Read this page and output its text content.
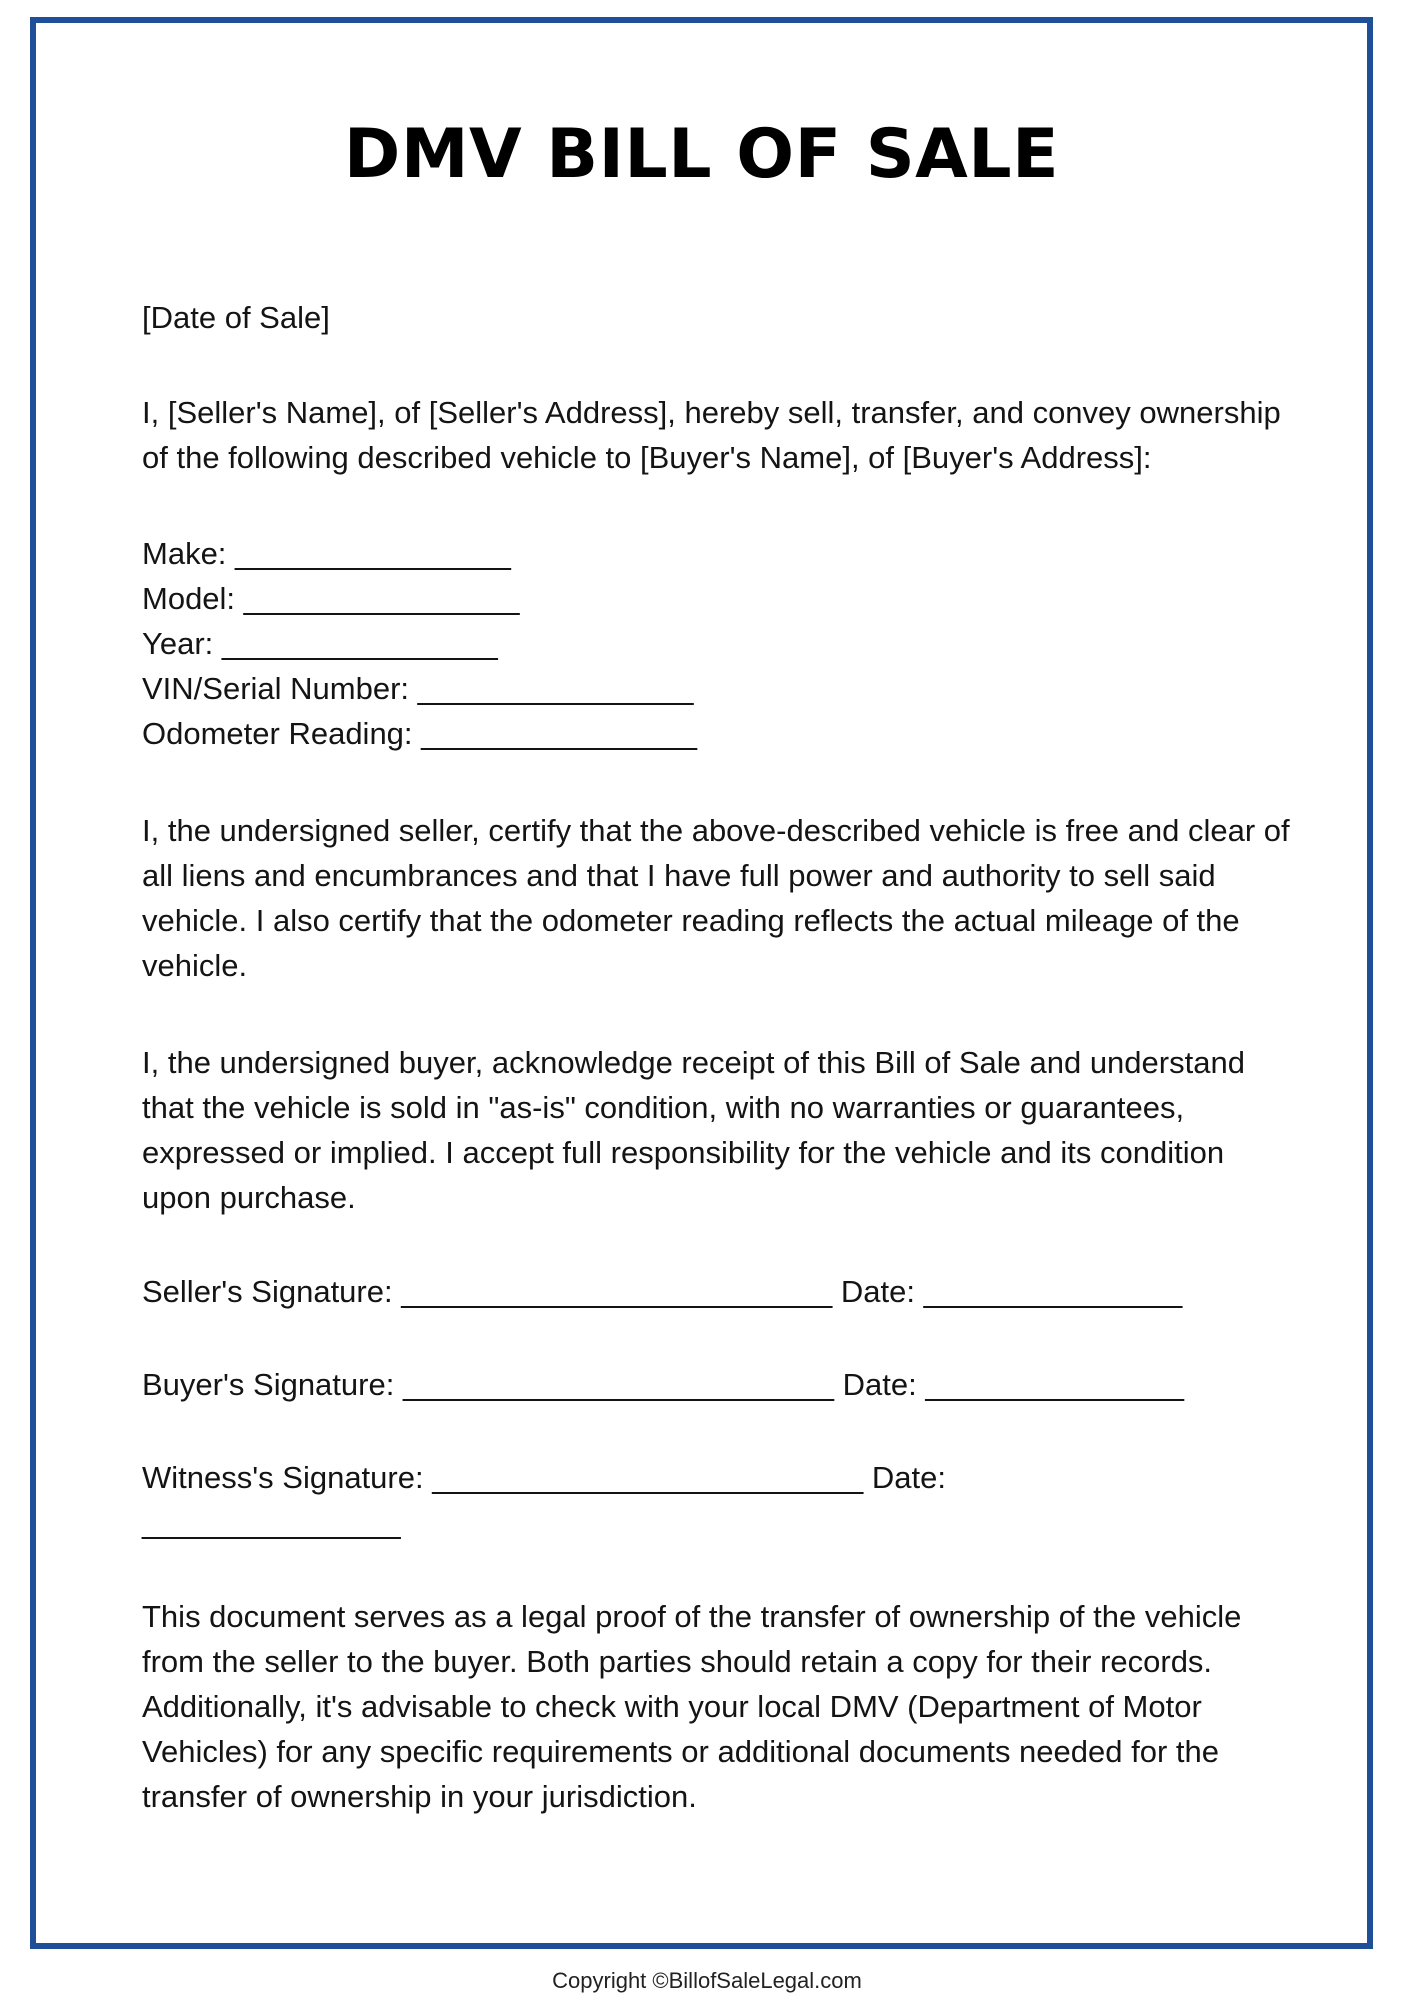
DMV BILL OF SALE

[Date of Sale]

I, [Seller's Name], of [Seller's Address], hereby sell, transfer, and convey ownership of the following described vehicle to [Buyer's Name], of [Buyer's Address]:

Make: ________________
Model: ________________
Year: ________________
VIN/Serial Number: ________________
Odometer Reading: ________________

I, the undersigned seller, certify that the above-described vehicle is free and clear of all liens and encumbrances and that I have full power and authority to sell said vehicle. I also certify that the odometer reading reflects the actual mileage of the vehicle.

I, the undersigned buyer, acknowledge receipt of this Bill of Sale and understand that the vehicle is sold in "as-is" condition, with no warranties or guarantees, expressed or implied. I accept full responsibility for the vehicle and its condition upon purchase.

Seller's Signature: _________________________ Date: _______________

Buyer's Signature: _________________________ Date: _______________

Witness's Signature: _________________________ Date:

_______________

This document serves as a legal proof of the transfer of ownership of the vehicle from the seller to the buyer. Both parties should retain a copy for their records. Additionally, it's advisable to check with your local DMV (Department of Motor Vehicles) for any specific requirements or additional documents needed for the transfer of ownership in your jurisdiction.

Copyright ©BillofSaleLegal.com
